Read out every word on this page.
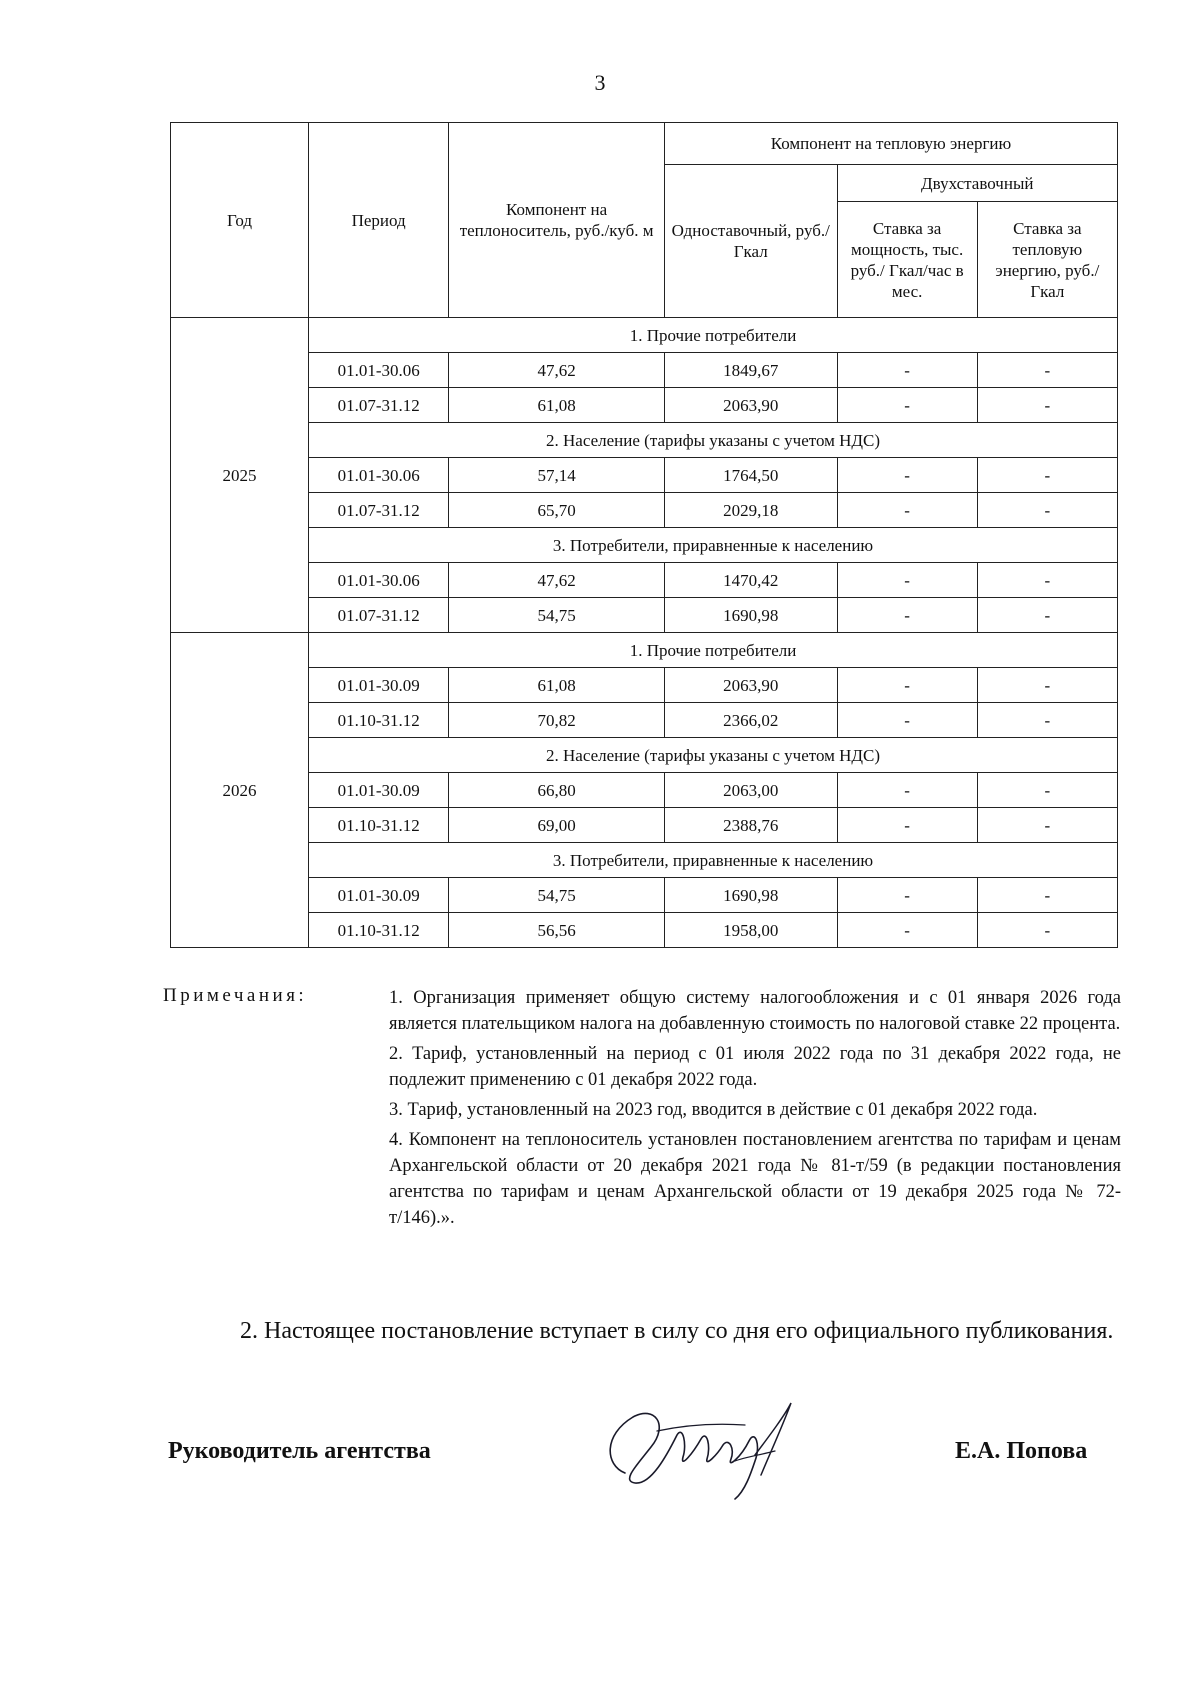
3
Год	Период	Компонент на теплоноситель, руб./куб. м	Компонент на тепловую энергию		
			Одноставочный, руб./Гкал	Двухставочный	
				Ставка за мощность, тыс. руб./ Гкал/час в мес.	Ставка за тепловую энергию, руб./Гкал
2025	1. Прочие потребители				
	01.01-30.06	47,62	1849,67	-	-
	01.07-31.12	61,08	2063,90	-	-
	2. Население (тарифы указаны с учетом НДС)				
	01.01-30.06	57,14	1764,50	-	-
	01.07-31.12	65,70	2029,18	-	-
	3. Потребители, приравненные к населению				
	01.01-30.06	47,62	1470,42	-	-
	01.07-31.12	54,75	1690,98	-	-
2026	1. Прочие потребители				
	01.01-30.09	61,08	2063,90	-	-
	01.10-31.12	70,82	2366,02	-	-
	2. Население (тарифы указаны с учетом НДС)				
	01.01-30.09	66,80	2063,00	-	-
	01.10-31.12	69,00	2388,76	-	-
	3. Потребители, приравненные к населению				
	01.01-30.09	54,75	1690,98	-	-
	01.10-31.12	56,56	1958,00	-	-
Примечания:	1. Организация применяет общую систему налогообложения и с 01 января 2026 года является плательщиком налога на добавленную стоимость по налоговой ставке 22 процента.

2. Тариф, установленный на период с 01 июля 2022 года по 31 декабря 2022 года, не подлежит применению с 01 декабря 2022 года.

3. Тариф, установленный на 2023 год, вводится в действие с 01 декабря 2022 года.

4. Компонент на теплоноситель установлен постановлением агентства по тарифам и ценам Архангельской области от 20 декабря 2021 года № 81-т/59 (в редакции постановления агентства по тарифам и ценам Архангельской области от 19 декабря 2025 года № 72-т/146).».

2. Настоящее постановление вступает в силу со дня его официального публикования.
Руководитель агентства	Е.А. Попова
